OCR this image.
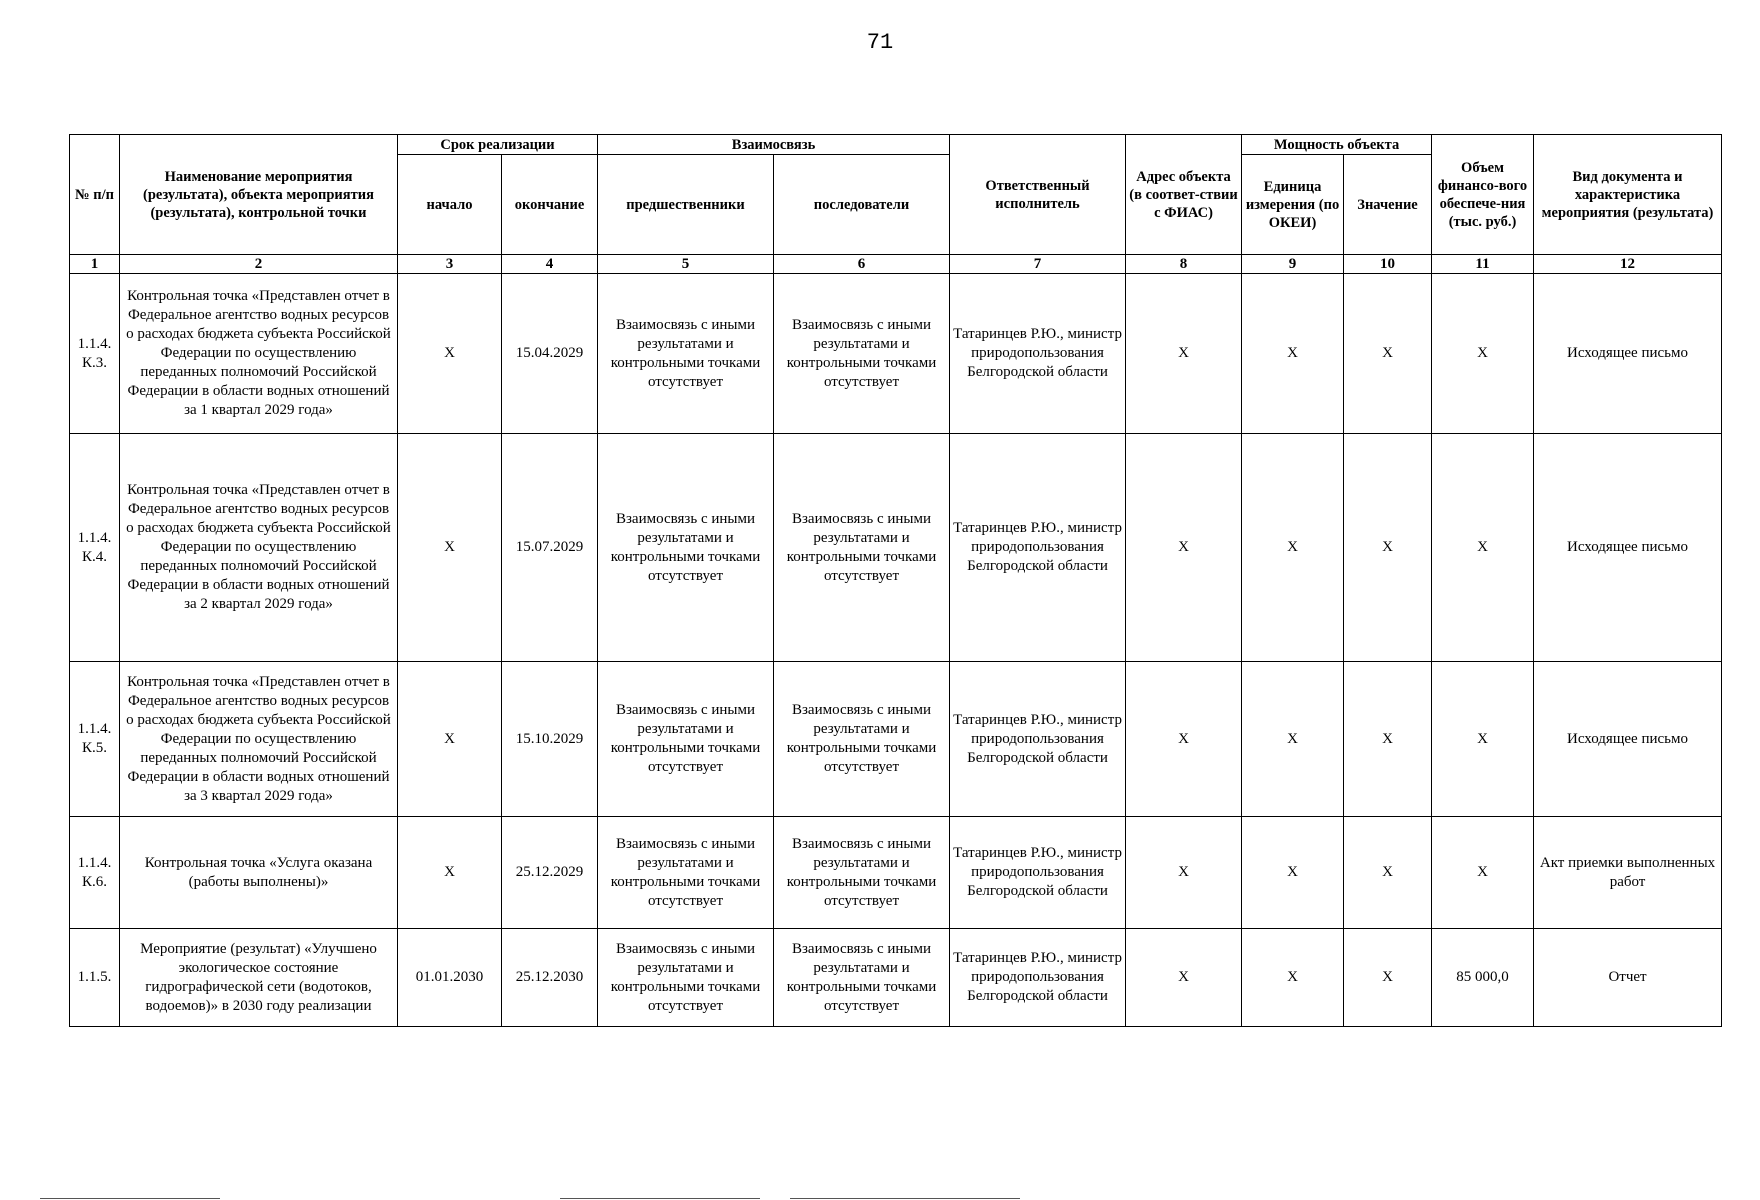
71
№ п/п	Наименование мероприятия (результата), объекта мероприятия (результата), контрольной точки	Срок реализации		Взаимосвязь		Ответственный исполнитель	Адрес объекта (в соответ-ствии с ФИАС)	Мощность объекта		Объем финансо-вого обеспече-ния (тыс. руб.)	Вид документа и характеристика мероприятия (результата)
		начало	окончание	предшественники	последователи			Единица измерения (по ОКЕИ)	Значение		
1	2	3	4	5	6	7	8	9	10	11	12
1.1.4. К.3.	Контрольная точка «Представлен отчет в Федеральное агентство водных ресурсов о расходах бюджета субъекта Российской Федерации по осуществлению переданных полномочий Российской Федерации в области водных отношений за 1 квартал 2029 года»	X	15.04.2029	Взаимосвязь с иными результатами и контрольными точками отсутствует	Взаимосвязь с иными результатами и контрольными точками отсутствует	Татаринцев Р.Ю., министр природопользования Белгородской области	X	X	X	X	Исходящее письмо
1.1.4. К.4.	Контрольная точка «Представлен отчет в Федеральное агентство водных ресурсов о расходах бюджета субъекта Российской Федерации по осуществлению переданных полномочий Российской Федерации в области водных отношений за 2 квартал 2029 года»	X	15.07.2029	Взаимосвязь с иными результатами и контрольными точками отсутствует	Взаимосвязь с иными результатами и контрольными точками отсутствует	Татаринцев Р.Ю., министр природопользования Белгородской области	X	X	X	X	Исходящее письмо
1.1.4. К.5.	Контрольная точка «Представлен отчет в Федеральное агентство водных ресурсов о расходах бюджета субъекта Российской Федерации по осуществлению переданных полномочий Российской Федерации в области водных отношений за 3 квартал 2029 года»	X	15.10.2029	Взаимосвязь с иными результатами и контрольными точками отсутствует	Взаимосвязь с иными результатами и контрольными точками отсутствует	Татаринцев Р.Ю., министр природопользования Белгородской области	X	X	X	X	Исходящее письмо
1.1.4. К.6.	Контрольная точка «Услуга оказана (работы выполнены)»	X	25.12.2029	Взаимосвязь с иными результатами и контрольными точками отсутствует	Взаимосвязь с иными результатами и контрольными точками отсутствует	Татаринцев Р.Ю., министр природопользования Белгородской области	X	X	X	X	Акт приемки выполненных работ
1.1.5.	Мероприятие (результат) «Улучшено экологическое состояние гидрографической сети (водотоков, водоемов)» в 2030 году реализации	01.01.2030	25.12.2030	Взаимосвязь с иными результатами и контрольными точками отсутствует	Взаимосвязь с иными результатами и контрольными точками отсутствует	Татаринцев Р.Ю., министр природопользования Белгородской области	X	X	X	85 000,0	Отчет
